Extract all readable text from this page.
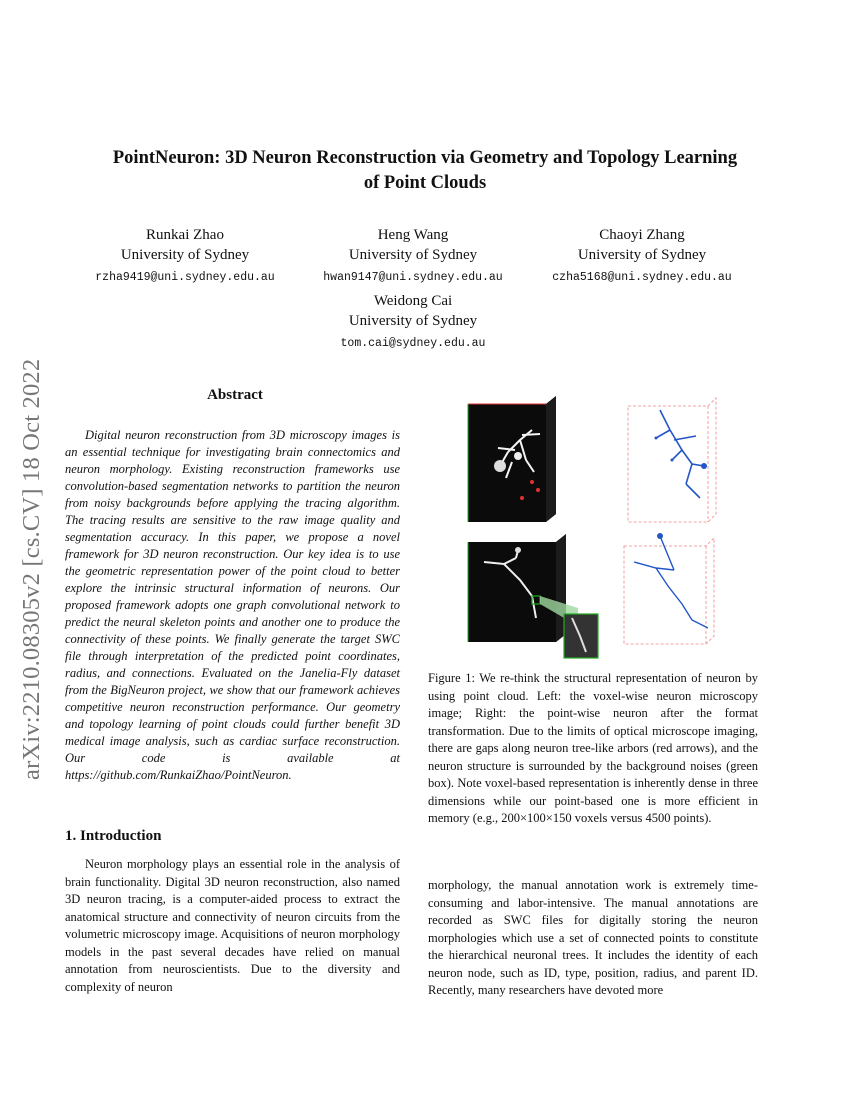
arXiv:2210.08305v2 [cs.CV] 18 Oct 2022
PointNeuron: 3D Neuron Reconstruction via Geometry and Topology Learning
of Point Clouds
Runkai Zhao
University of Sydney
rzha9419@uni.sydney.edu.au
Heng Wang
University of Sydney
hwan9147@uni.sydney.edu.au
Chaoyi Zhang
University of Sydney
czha5168@uni.sydney.edu.au
Weidong Cai
University of Sydney
tom.cai@sydney.edu.au
Abstract
Digital neuron reconstruction from 3D microscopy images is an essential technique for investigating brain connectomics and neuron morphology. Existing reconstruction frameworks use convolution-based segmentation networks to partition the neuron from noisy backgrounds before applying the tracing algorithm. The tracing results are sensitive to the raw image quality and segmentation accuracy. In this paper, we propose a novel framework for 3D neuron reconstruction. Our key idea is to use the geometric representation power of the point cloud to better explore the intrinsic structural information of neurons. Our proposed framework adopts one graph convolutional network to predict the neural skeleton points and another one to produce the connectivity of these points. We finally generate the target SWC file through interpretation of the predicted point coordinates, radius, and connections. Evaluated on the Janelia-Fly dataset from the BigNeuron project, we show that our framework achieves competitive neuron reconstruction performance. Our geometry and topology learning of point clouds could further benefit 3D medical image analysis, such as cardiac surface reconstruction. Our code is available at https://github.com/RunkaiZhao/PointNeuron.
Figure 1: We re-think the structural representation of neuron by using point cloud. Left: the voxel-wise neuron microscopy image; Right: the point-wise neuron after the format transformation. Due to the limits of optical microscope imaging, there are gaps along neuron tree-like arbors (red arrows), and the neuron structure is surrounded by the background noises (green box). Note voxel-based representation is inherently dense in three dimensions while our point-based one is more efficient in memory (e.g., 200×100×150 voxels versus 4500 points).
1. Introduction
Neuron morphology plays an essential role in the analysis of brain functionality. Digital 3D neuron reconstruction, also named 3D neuron tracing, is a computer-aided process to extract the anatomical structure and connectivity of neuron circuits from the volumetric microscopy image. Acquisitions of neuron morphology models in the past several decades have relied on manual annotation from neuroscientists. Due to the diversity and complexity of neuron
morphology, the manual annotation work is extremely time-consuming and labor-intensive. The manual annotations are recorded as SWC files for digitally storing the neuron morphologies which use a set of connected points to constitute the hierarchical neuronal trees. It includes the identity of each neuron node, such as ID, type, position, radius, and parent ID. Recently, many researchers have devoted more
